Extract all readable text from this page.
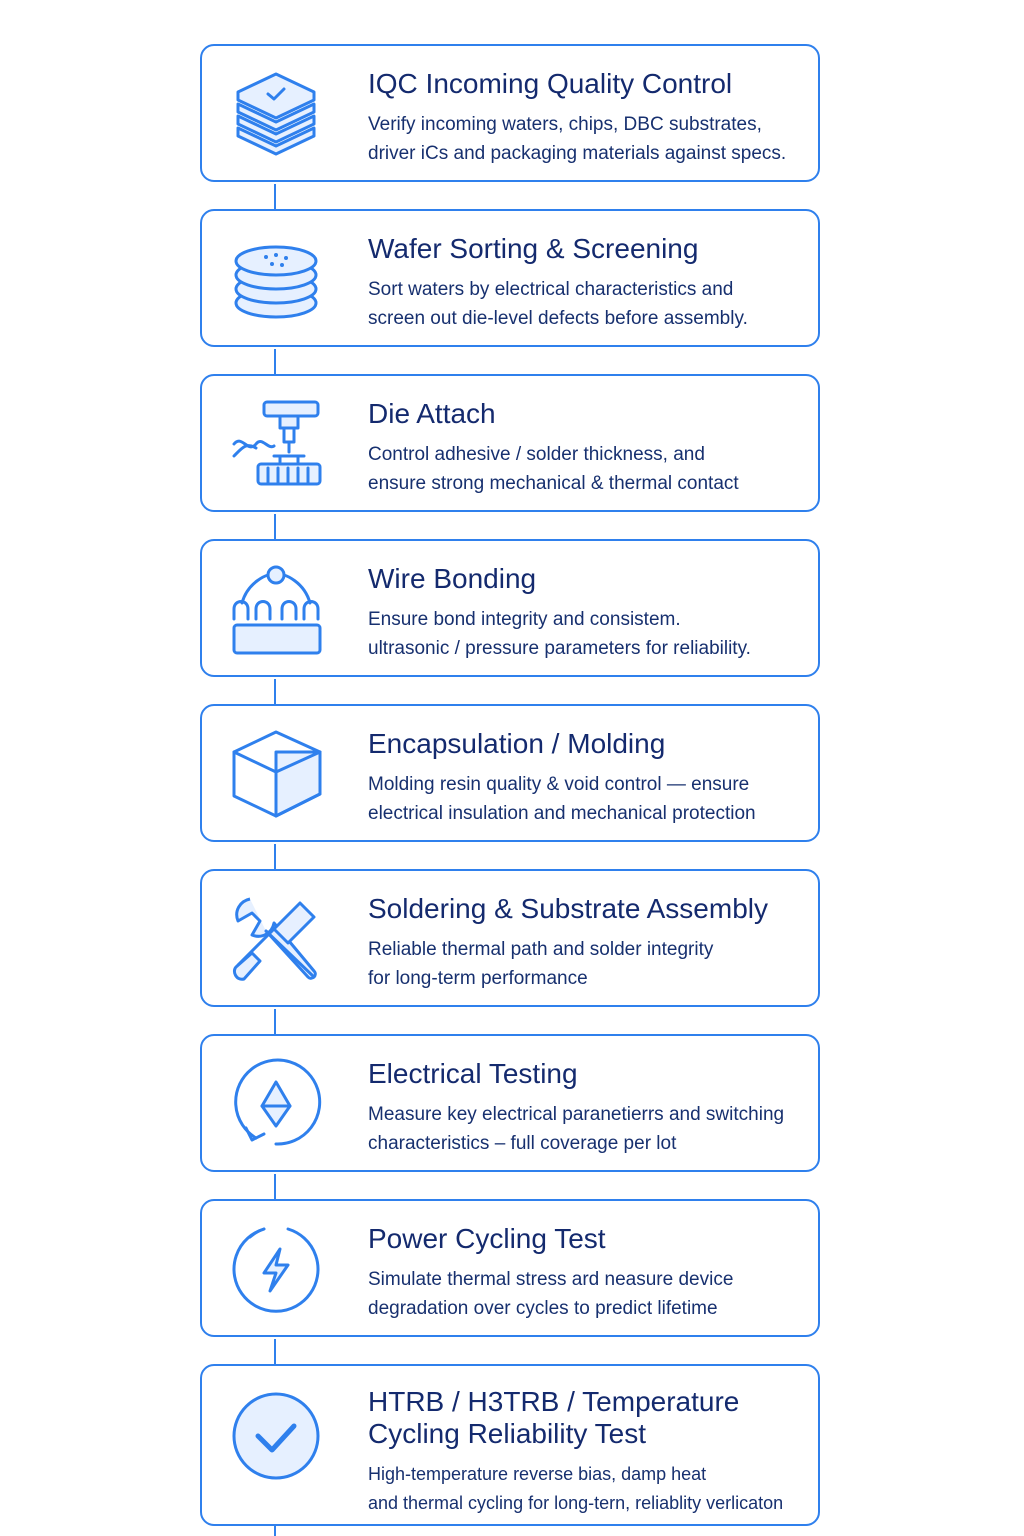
IQC Incoming Quality Control
Verify incoming waters, chips, DBC substrates,
driver iCs and packaging materials against specs.
Wafer Sorting & Screening
Sort waters by electrical characteristics and
screen out die-level defects before assembly.
Die Attach
Control adhesive / solder thickness, and
ensure strong mechanical & thermal contact
Wire Bonding
Ensure bond integrity and consistem.
ultrasonic / pressure parameters for reliability.
Encapsulation / Molding
Molding resin quality & void control — ensure
electrical insulation and mechanical protection
Soldering & Substrate Assembly
Reliable thermal path and solder integrity
for long-term performance
Electrical Testing
Measure key electrical paranetierrs and switching
characteristics – full coverage per lot
Power Cycling Test
Simulate thermal stress ard neasure device
degradation over cycles to predict lifetime
HTRB / H3TRB / Temperature
Cycling Reliability Test
High-temperature reverse bias, damp heat
and thermal cycling for long-tern, reliablity verlicaton
